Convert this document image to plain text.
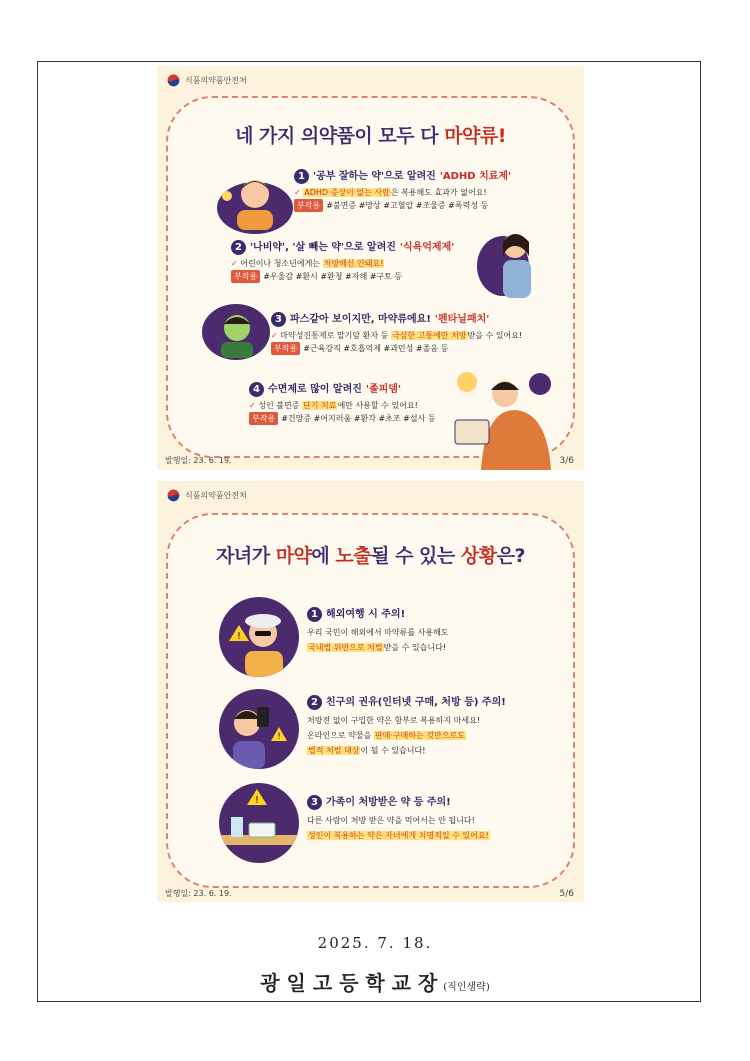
식품의약품안전처
네 가지 의약품이 모두 다 마약류!
1 '공부 잘하는 약'으로 알려진 'ADHD 치료제'
✓ ADHD 증상이 없는 사람은 복용해도 효과가 없어요!
부작용 #불면증 #망상 #고혈압 #조울증 #폭력성 등
2 '나비약', '살 빼는 약'으로 알려진 '식욕억제제'
✓ 어린이나 청소년에게는 처방해선 안돼요!
부작용 #우울감 #환시 #환청 #자해 #구토 등
3 파스같아 보이지만, 마약류에요! '펜타닐패치'
✓ 마약성진통제로 말기암 환자 등 극심한 고통에만 처방받을 수 있어요!
부작용 #근육강직 #호흡억제 #과민성 #졸음 등
4 수면제로 많이 알려진 '졸피뎀'
✓ 성인 불면증 단기 치료에만 사용할 수 있어요!
부작용 #건망증 #어지러움 #환각 #초조 #설사 등
발행일: 23. 6. 19.	3/6
식품의약품안전처
자녀가 마약에 노출될 수 있는 상황은?
!
!
!
1 해외여행 시 주의!
우리 국민이 해외에서 마약류를 사용해도
국내법 위반으로 처벌받을 수 있습니다!
2 친구의 권유(인터넷 구매, 처방 등) 주의!
처방전 없이 구입한 약은 함부로 복용하지 마세요!
온라인으로 약물을 판매·구매하는 것만으로도
법적 처벌 대상이 될 수 있습니다!
3 가족이 처방받은 약 등 주의!
다른 사람이 처방 받은 약을 먹어서는 안 됩니다!
성인이 복용하는 약은 자녀에게 치명적일 수 있어요!
발행일: 23. 6. 19.	5/6
2025. 7. 18.
광 일 고 등 학 교 장 (직인생략)
